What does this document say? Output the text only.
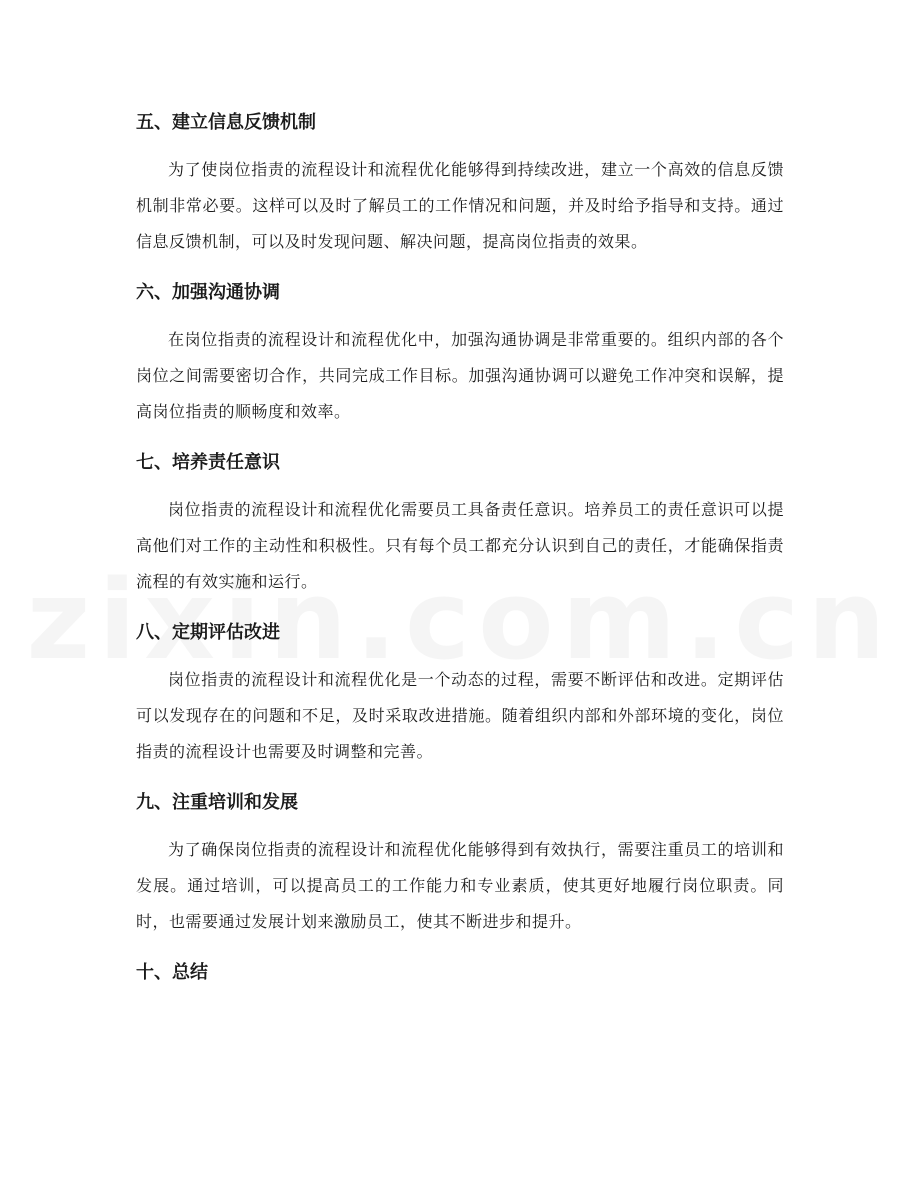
五、建立信息反馈机制

为了使岗位指责的流程设计和流程优化能够得到持续改进，建立一个高效的信息反馈机制非常必要。这样可以及时了解员工的工作情况和问题，并及时给予指导和支持。通过信息反馈机制，可以及时发现问题、解决问题，提高岗位指责的效果。

六、加强沟通协调

在岗位指责的流程设计和流程优化中，加强沟通协调是非常重要的。组织内部的各个岗位之间需要密切合作，共同完成工作目标。加强沟通协调可以避免工作冲突和误解，提高岗位指责的顺畅度和效率。

七、培养责任意识

岗位指责的流程设计和流程优化需要员工具备责任意识。培养员工的责任意识可以提高他们对工作的主动性和积极性。只有每个员工都充分认识到自己的责任，才能确保指责流程的有效实施和运行。

八、定期评估改进

岗位指责的流程设计和流程优化是一个动态的过程，需要不断评估和改进。定期评估可以发现存在的问题和不足，及时采取改进措施。随着组织内部和外部环境的变化，岗位指责的流程设计也需要及时调整和完善。

九、注重培训和发展

为了确保岗位指责的流程设计和流程优化能够得到有效执行，需要注重员工的培训和发展。通过培训，可以提高员工的工作能力和专业素质，使其更好地履行岗位职责。同时，也需要通过发展计划来激励员工，使其不断进步和提升。

十、总结
